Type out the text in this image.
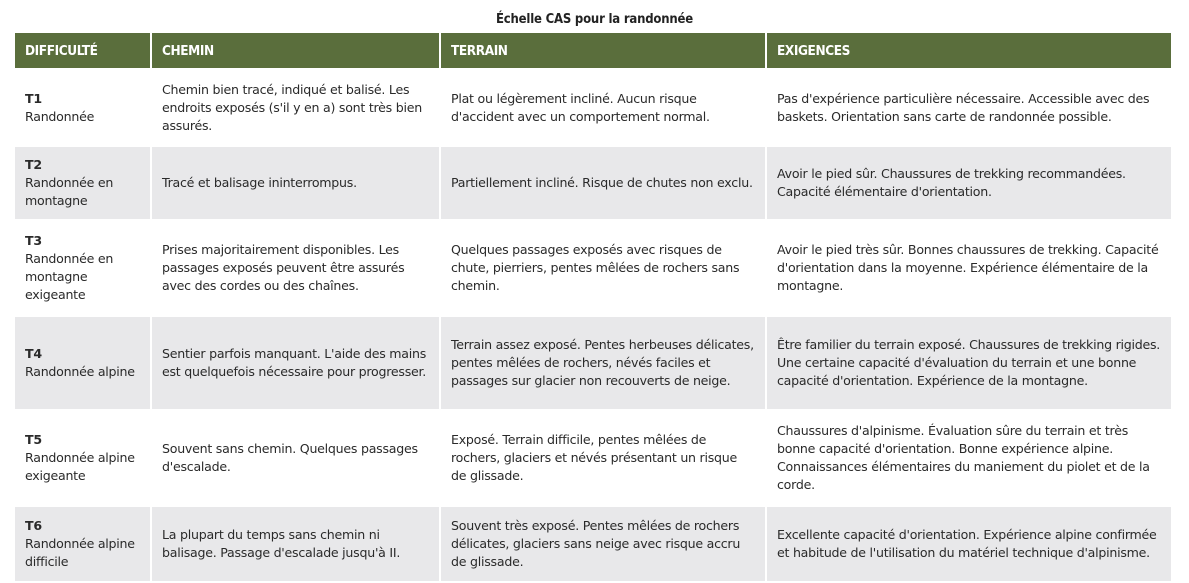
Échelle CAS pour la randonnée
DIFFICULTÉ	CHEMIN	TERRAIN	EXIGENCES

T1
Randonnée	Chemin bien tracé, indiqué et balisé. Les endroits exposés (s'il y en a) sont très bien assurés.	Plat ou légèrement incliné. Aucun risque d'accident avec un comportement normal.	Pas d'expérience particulière nécessaire. Accessible avec des baskets. Orientation sans carte de randonnée possible.

T2
Randonnée en montagne	Tracé et balisage ininterrompus.	Partiellement incliné. Risque de chutes non exclu.	Avoir le pied sûr. Chaussures de trekking recommandées. Capacité élémentaire d'orientation.

T3
Randonnée en montagne exigeante	Prises majoritairement disponibles. Les passages exposés peuvent être assurés avec des cordes ou des chaînes.	Quelques passages exposés avec risques de chute, pierriers, pentes mêlées de rochers sans chemin.	Avoir le pied très sûr. Bonnes chaussures de trekking. Capacité d'orientation dans la moyenne. Expérience élémentaire de la montagne.

T4
Randonnée alpine	Sentier parfois manquant. L'aide des mains est quelquefois nécessaire pour progresser.	Terrain assez exposé. Pentes herbeuses délicates, pentes mêlées de rochers, névés faciles et passages sur glacier non recouverts de neige.	Être familier du terrain exposé. Chaussures de trekking rigides. Une certaine capacité d'évaluation du terrain et une bonne capacité d'orientation. Expérience de la montagne.

T5
Randonnée alpine exigeante	Souvent sans chemin. Quelques passages d'escalade.	Exposé. Terrain difficile, pentes mêlées de rochers, glaciers et névés présentant un risque de glissade.	Chaussures d'alpinisme. Évaluation sûre du terrain et très bonne capacité d'orientation. Bonne expérience alpine. Connaissances élémentaires du maniement du piolet et de la corde.

T6
Randonnée alpine difficile	La plupart du temps sans chemin ni balisage. Passage d'escalade jusqu'à II.	Souvent très exposé. Pentes mêlées de rochers délicates, glaciers sans neige avec risque accru de glissade.	Excellente capacité d'orientation. Expérience alpine confirmée et habitude de l'utilisation du matériel technique d'alpinisme.
